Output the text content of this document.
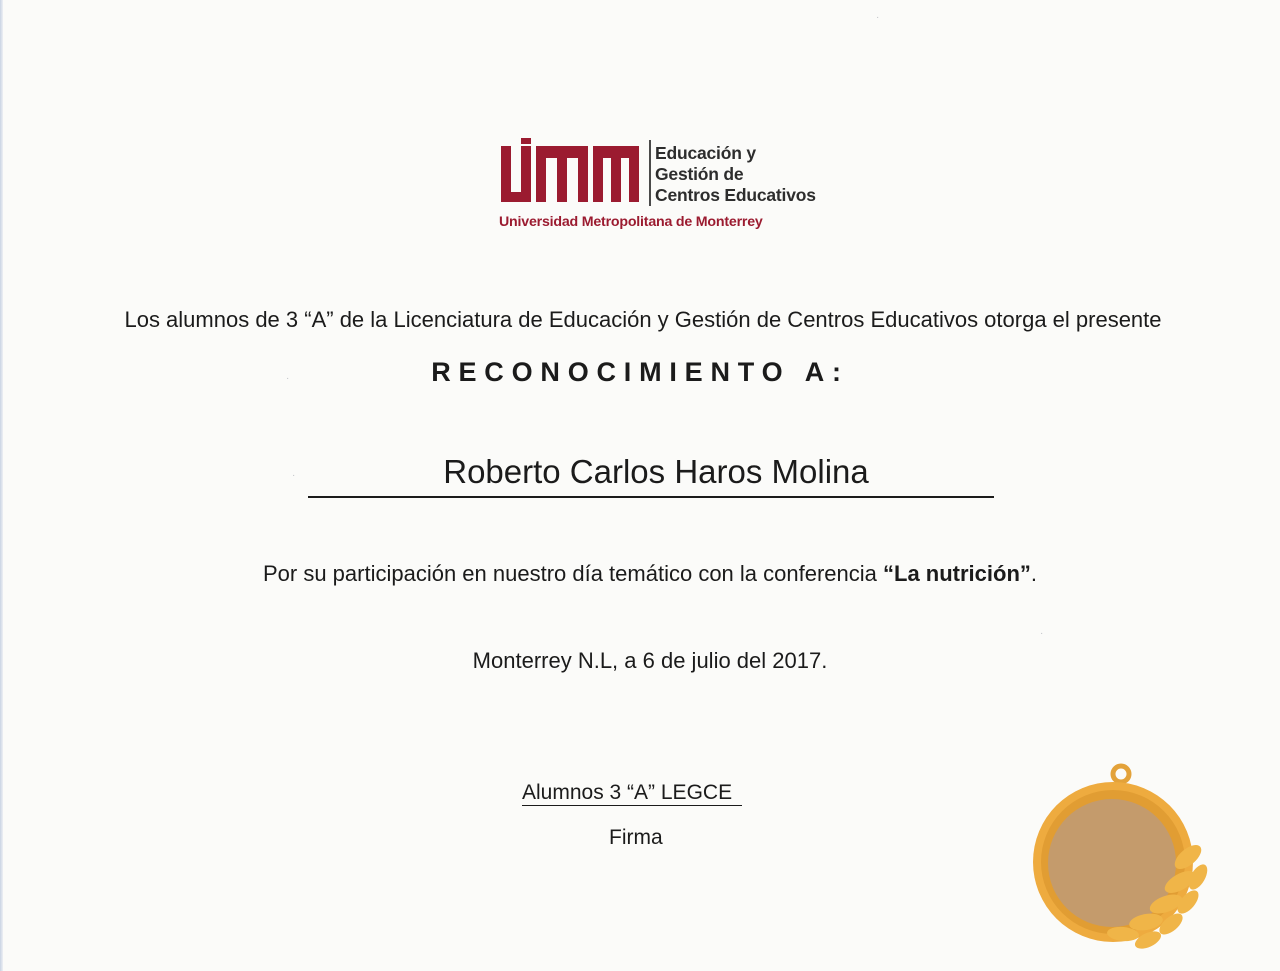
Educación y
Gestión de
Centros Educativos
Universidad Metropolitana de Monterrey
Los alumnos de 3 “A” de la Licenciatura de Educación y Gestión de Centros Educativos otorga el presente
RECONOCIMIENTO A:
Roberto Carlos Haros Molina
Por su participación en nuestro día temático con la conferencia “La nutrición”.
Monterrey N.L, a 6 de julio del 2017.
Alumnos 3 “A” LEGCE
Firma
·
·
·
·
